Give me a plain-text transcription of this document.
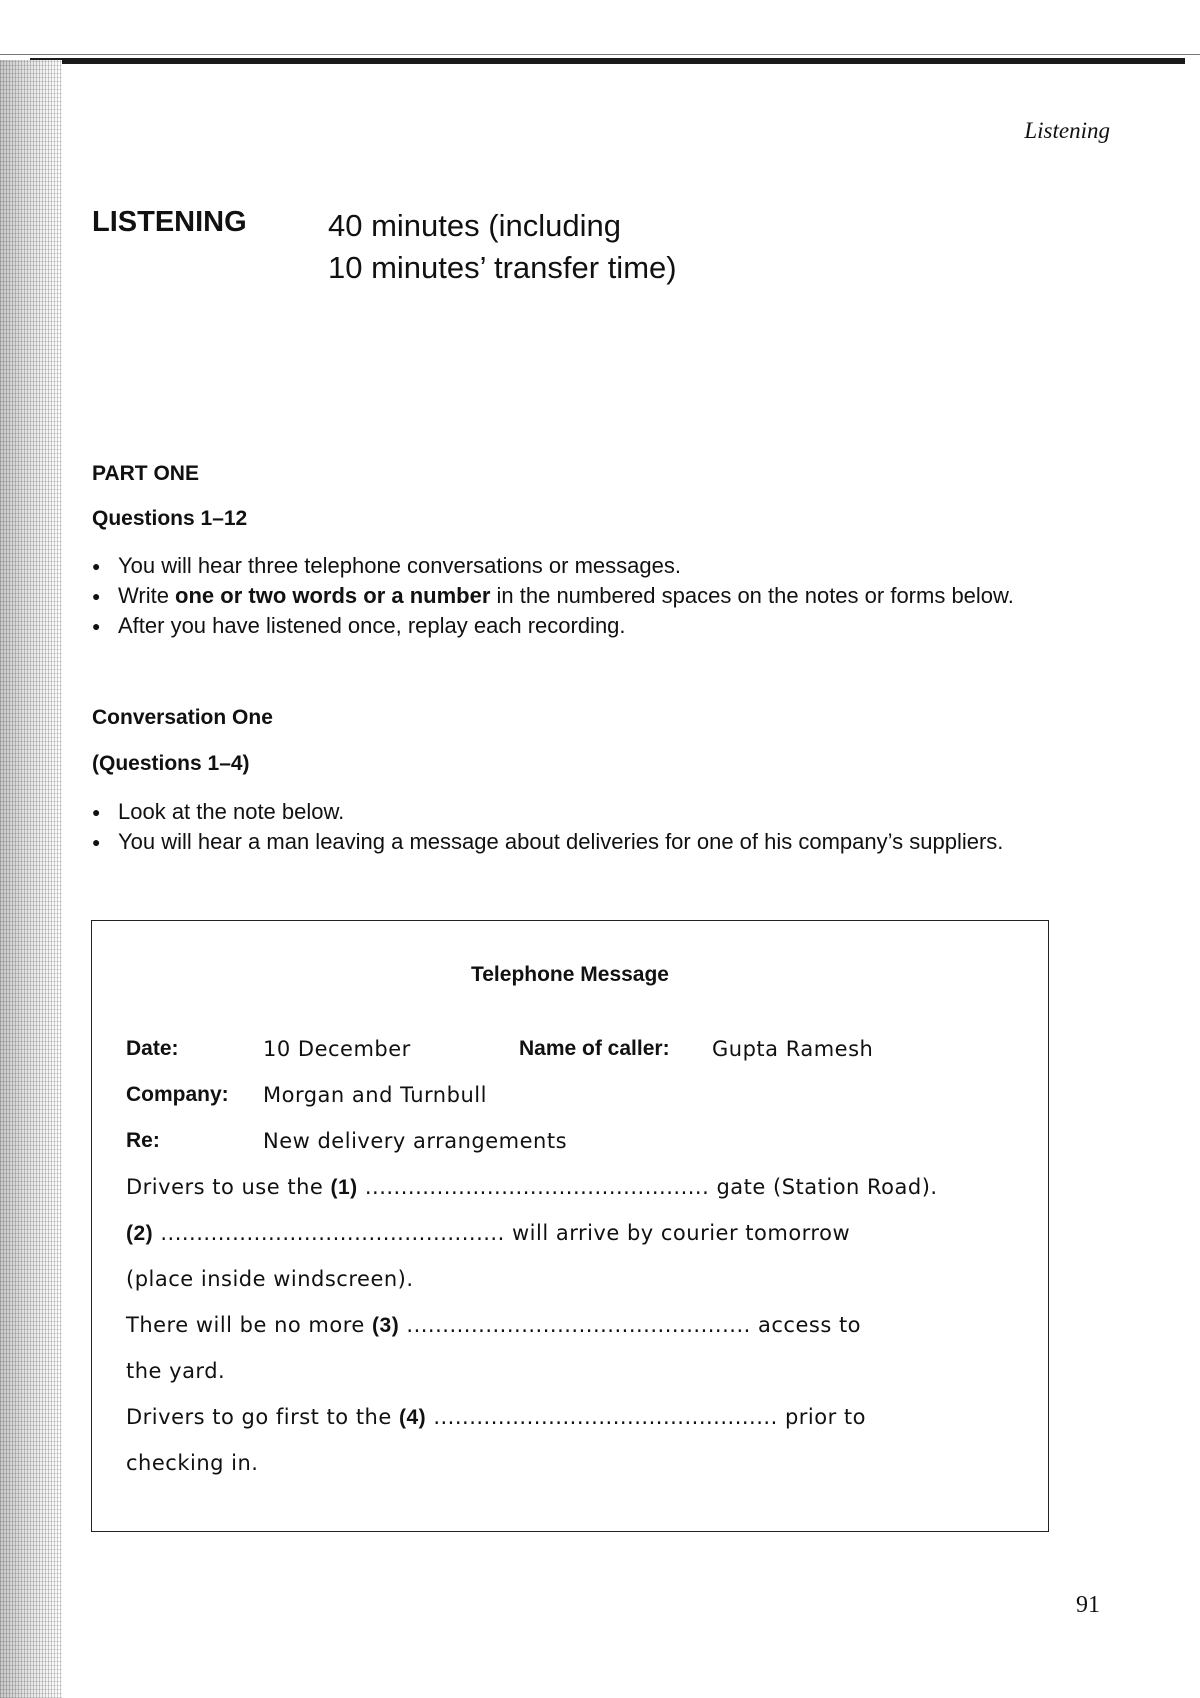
Listening
LISTENING	40 minutes (including
10 minutes’ transfer time)
PART ONE
Questions 1–12
● You will hear three telephone conversations or messages.
● Write one or two words or a number in the numbered spaces on the notes or forms below.
● After you have listened once, replay each recording.
Conversation One
(Questions 1–4)
● Look at the note below.
● You will hear a man leaving a message about deliveries for one of his company’s suppliers.
Telephone Message
Date:	10 December	Name of caller: Gupta Ramesh
Company: Morgan and Turnbull
Re:	New delivery arrangements
Drivers to use the (1) ................................................ gate (Station Road).
(2) ................................................ will arrive by courier tomorrow
(place inside windscreen).
There will be no more (3) ................................................ access to
the yard.
Drivers to go first to the (4) ................................................ prior to
checking in.
91
